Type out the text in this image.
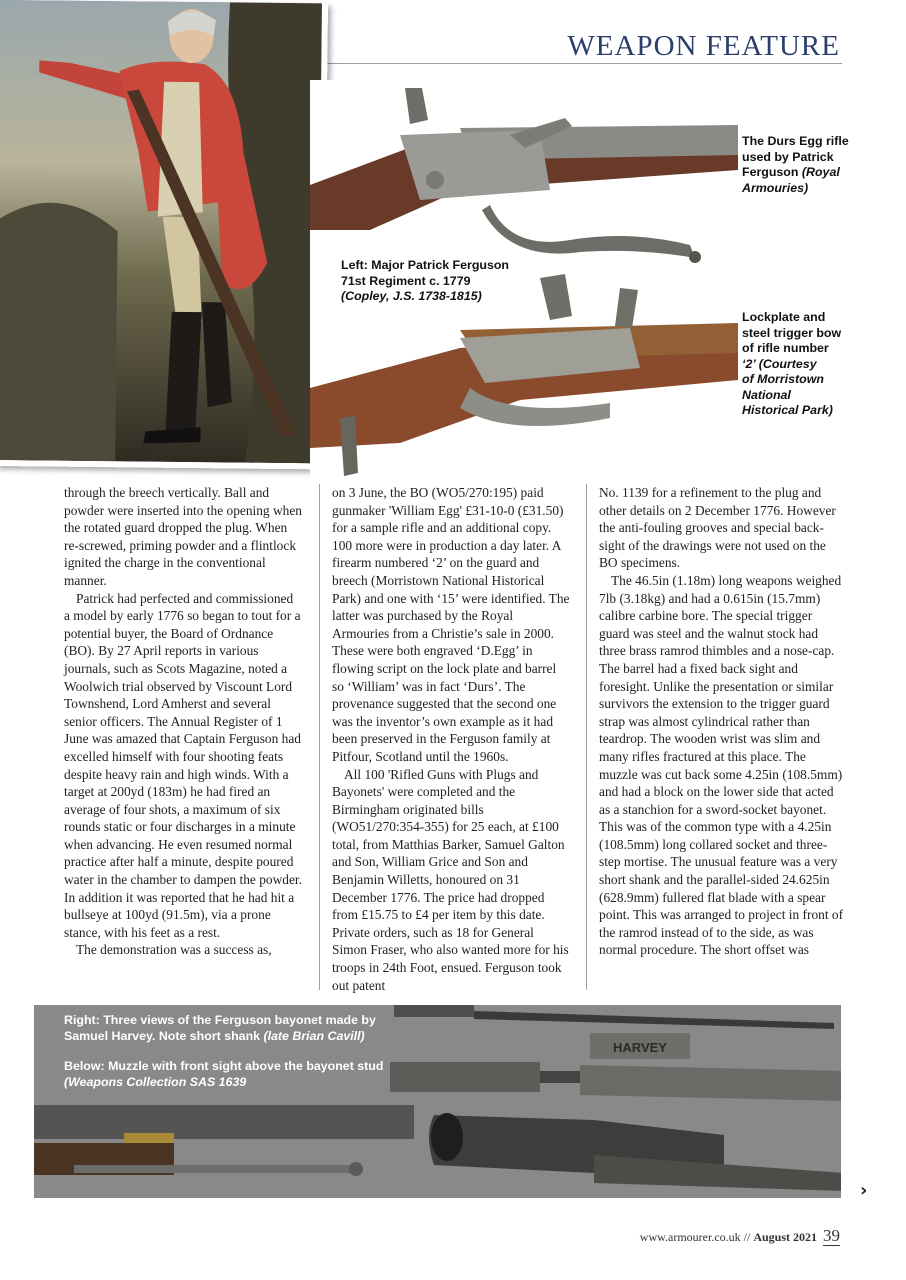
WEAPON FEATURE
The Durs Egg rifle
used by Patrick
Ferguson (Royal
Armouries)
Left: Major Patrick Ferguson
71st Regiment c. 1779
(Copley, J.S. 1738-1815)
Lockplate and
steel trigger bow
of rifle number
‘2’ (Courtesy
of Morristown
National
Historical Park)

through the breech vertically. Ball and powder were inserted into the opening when the rotated guard dropped the plug. When re-screwed, priming powder and a flintlock ignited the charge in the conventional manner.

Patrick had perfected and commissioned a model by early 1776 so began to tout for a potential buyer, the Board of Ordnance (BO). By 27 April reports in various journals, such as Scots Magazine, noted a Woolwich trial observed by Viscount Lord Townshend, Lord Amherst and several senior officers. The Annual Register of 1 June was amazed that Captain Ferguson had excelled himself with four shooting feats despite heavy rain and high winds. With a target at 200yd (183m) he had fired an average of four shots, a maximum of six rounds static or four discharges in a minute when advancing. He even resumed normal practice after half a minute, despite poured water in the chamber to dampen the powder. In addition it was reported that he had hit a bullseye at 100yd (91.5m), via a prone stance, with his feet as a rest.

The demonstration was a success as,

on 3 June, the BO (WO5/270:195) paid gunmaker 'William Egg' £31-10-0 (£31.50) for a sample rifle and an additional copy. 100 more were in production a day later. A firearm numbered ‘2’ on the guard and breech (Morristown National Historical Park) and one with ‘15’ were identified. The latter was purchased by the Royal Armouries from a Christie’s sale in 2000. These were both engraved ‘D.Egg’ in flowing script on the lock plate and barrel so ‘William’ was in fact ‘Durs’. The provenance suggested that the second one was the inventor’s own example as it had been preserved in the Ferguson family at Pitfour, Scotland until the 1960s.

All 100 'Rifled Guns with Plugs and Bayonets' were completed and the Birmingham originated bills (WO51/270:354-355) for 25 each, at £100 total, from Matthias Barker, Samuel Galton and Son, William Grice and Son and Benjamin Willetts, honoured on 31 December 1776. The price had dropped from £15.75 to £4 per item by this date. Private orders, such as 18 for General Simon Fraser, who also wanted more for his troops in 24th Foot, ensued. Ferguson took out patent

No. 1139 for a refinement to the plug and other details on 2 December 1776. However the anti-fouling grooves and special back-sight of the drawings were not used on the BO specimens.

The 46.5in (1.18m) long weapons weighed 7lb (3.18kg) and had a 0.615in (15.7mm) calibre carbine bore. The special trigger guard was steel and the walnut stock had three brass ramrod thimbles and a nose-cap. The barrel had a fixed back sight and foresight. Unlike the presentation or similar survivors the extension to the trigger guard strap was almost cylindrical rather than teardrop. The wooden wrist was slim and many rifles fractured at this place. The muzzle was cut back some 4.25in (108.5mm) and had a block on the lower side that acted as a stanchion for a sword-socket bayonet. This was of the common type with a 4.25in (108.5mm) long collared socket and three-step mortise. The unusual feature was a very short shank and the parallel-sided 24.625in (628.9mm) fullered flat blade with a spear point. This was arranged to project in front of the ramrod instead of to the side, as was normal procedure. The short offset was

HARVEY
Right: Three views of the Ferguson bayonet made by Samuel Harvey. Note short shank (late Brian Cavill)
Below: Muzzle with front sight above the bayonet stud (Weapons Collection SAS 1639
›
www.armourer.co.uk // August 2021 39
